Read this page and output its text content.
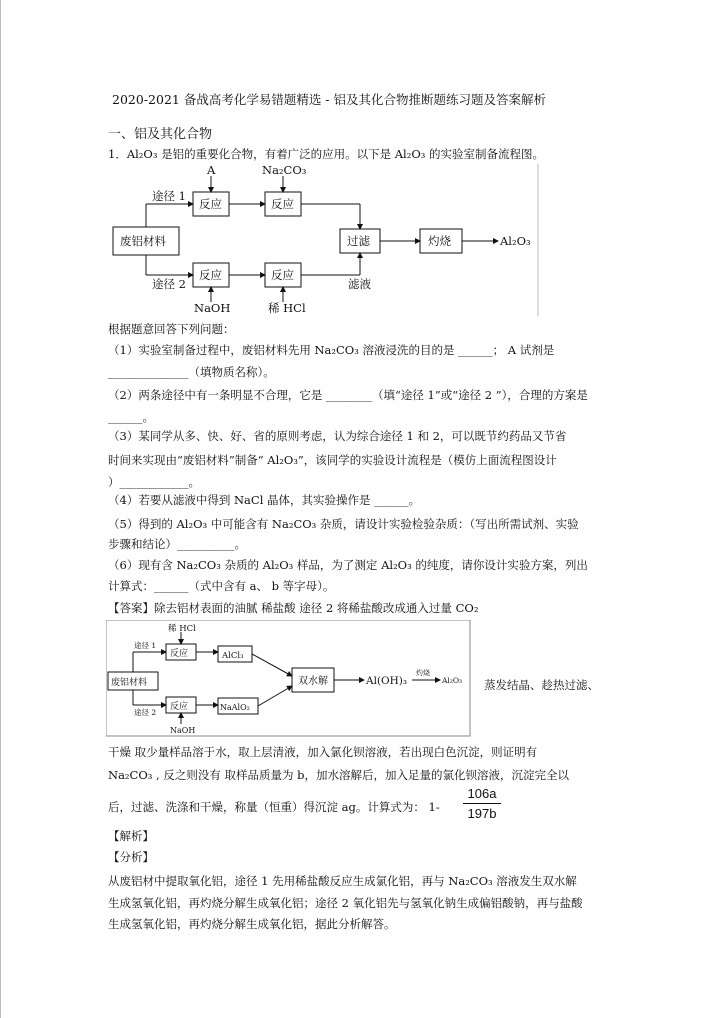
2020-2021 备战高考化学易错题精选 - 铝及其化合物推断题练习题及答案解析
一、铝及其化合物
1．Al₂O₃ 是铝的重要化合物，有着广泛的应用。以下是 Al₂O₃ 的实验室制备流程图。
A	Na₂CO₃
途径 1
途径 2
反应	反应
反应	反应
废铝材料	过滤	灼烧	Al₂O₃
滤液
NaOH	稀 HCl
根据题意回答下列问题：
（1）实验室制备过程中，废铝材料先用 Na₂CO₃ 溶液浸洗的目的是 ______； A 试剂是
______________（填物质名称）。
（2）两条途径中有一条明显不合理，它是 ________（填“途径 1”或“途径 2 ”），合理的方案是
______。
（3）某同学从多、快、好、省的原则考虑，认为综合途径 1 和 2，可以既节约药品又节省
时间来实现由“废铝材料”制备“ Al₂O₃”，该同学的实验设计流程是（模仿上面流程图设计
）____________。
（4）若要从滤液中得到 NaCl 晶体，其实验操作是 ______。
（5）得到的 Al₂O₃ 中可能含有 Na₂CO₃ 杂质，请设计实验检验杂质：（写出所需试剂、实验
步骤和结论）__________。
（6）现有含 Na₂CO₃ 杂质的 Al₂O₃ 样品，为了测定 Al₂O₃ 的纯度，请你设计实验方案，列出
计算式：______（式中含有 a、 b 等字母）。
【答案】除去铝材表面的油腻 稀盐酸 途径 2 将稀盐酸改成通入过量 CO₂
稀 HCl
途径 1
途径 2
反应
反应
废铝材料
AlCl₃
NaAlO₂
双水解	Al(OH)₃
灼烧
Al₂O₃
NaOH
蒸发结晶、趁热过滤、
干燥 取少量样品溶于水，取上层清液，加入氯化钡溶液，若出现白色沉淀，则证明有
Na₂CO₃ , 反之则没有 取样品质量为 b，加水溶解后，加入足量的氯化钡溶液，沉淀完全以
后，过滤、洗涤和干燥，称量（恒重）得沉淀 ag。计算式为： 1-
106a
197b
【解析】
【分析】
从废铝材中提取氧化铝，途径 1 先用稀盐酸反应生成氯化铝，再与 Na₂CO₃ 溶液发生双水解
生成氢氧化铝，再灼烧分解生成氧化铝；途径 2 氧化铝先与氢氧化钠生成偏铝酸钠，再与盐酸
生成氢氧化铝，再灼烧分解生成氧化铝，据此分析解答。
